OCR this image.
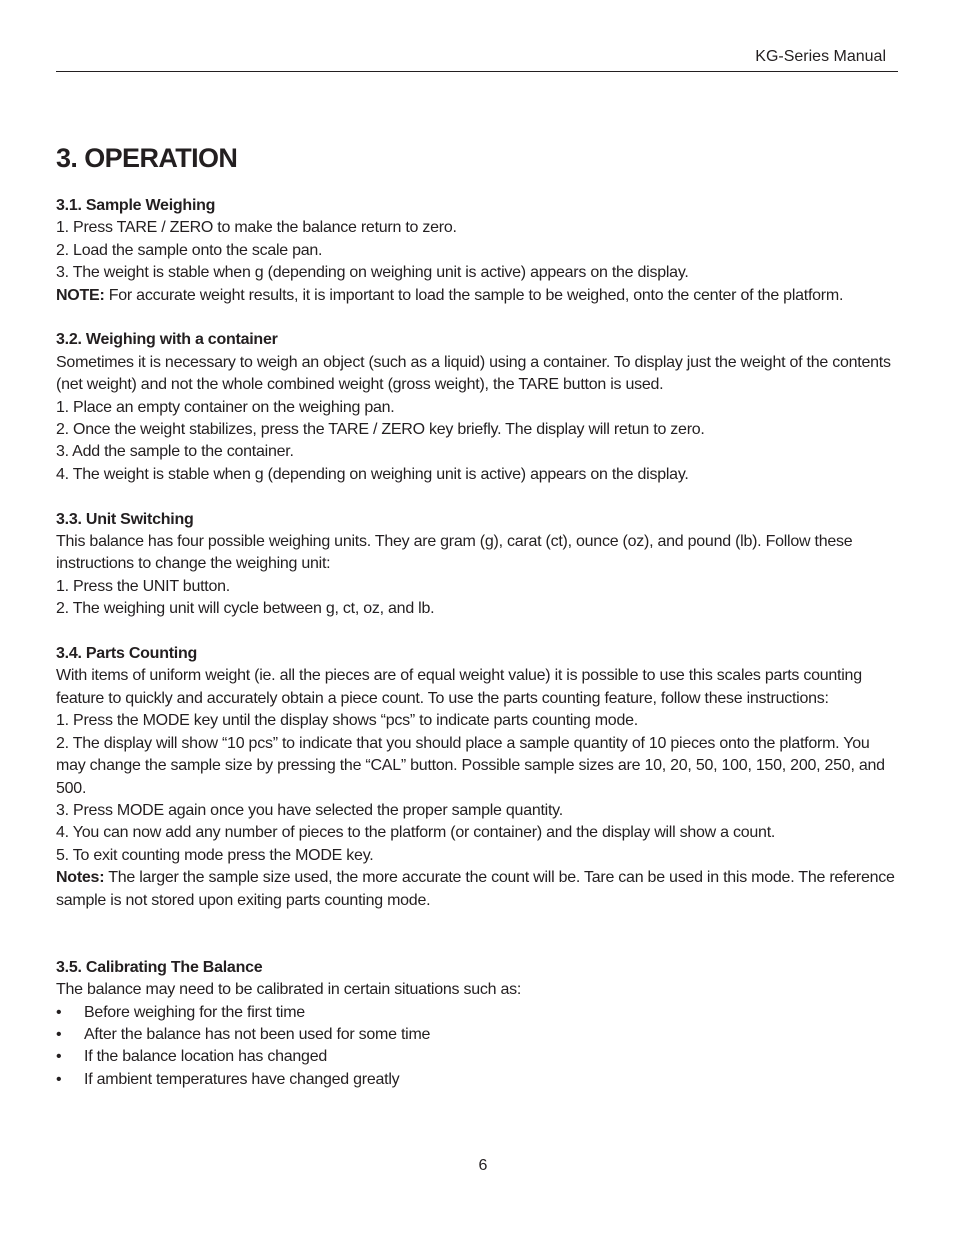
KG-Series Manual
3. OPERATION

3.1. Sample Weighing

1. Press TARE / ZERO to make the balance return to zero.

2. Load the sample onto the scale pan.

3. The weight is stable when g (depending on weighing unit is active) appears on the display.

NOTE: For accurate weight results, it is important to load the sample to be weighed, onto the center of the platform.

3.2. Weighing with a container

Sometimes it is necessary to weigh an object (such as a liquid) using a container. To display just the weight of the contents (net weight) and not the whole combined weight (gross weight), the TARE button is used.

1. Place an empty container on the weighing pan.

2. Once the weight stabilizes, press the TARE / ZERO key briefly. The display will retun to zero.

3. Add the sample to the container.

4. The weight is stable when g (depending on weighing unit is active) appears on the display.

3.3. Unit Switching

This balance has four possible weighing units. They are gram (g), carat (ct), ounce (oz), and pound (lb). Follow these instructions to change the weighing unit:

1. Press the UNIT button.

2. The weighing unit will cycle between g, ct, oz, and lb.

3.4. Parts Counting

With items of uniform weight (ie. all the pieces are of equal weight value) it is possible to use this scales parts counting feature to quickly and accurately obtain a piece count. To use the parts counting feature, follow these instructions:

1. Press the MODE key until the display shows “pcs” to indicate parts counting mode.

2. The display will show “10 pcs” to indicate that you should place a sample quantity of 10 pieces onto the platform. You may change the sample size by pressing the “CAL” button. Possible sample sizes are 10, 20, 50, 100, 150, 200, 250, and 500.

3. Press MODE again once you have selected the proper sample quantity.

4. You can now add any number of pieces to the platform (or container) and the display will show a count.

5. To exit counting mode press the MODE key.

Notes: The larger the sample size used, the more accurate the count will be. Tare can be used in this mode. The reference sample is not stored upon exiting parts counting mode.

3.5. Calibrating The Balance

The balance may need to be calibrated in certain situations such as:

• Before weighing for the first time
• After the balance has not been used for some time
• If the balance location has changed
• If ambient temperatures have changed greatly
6
